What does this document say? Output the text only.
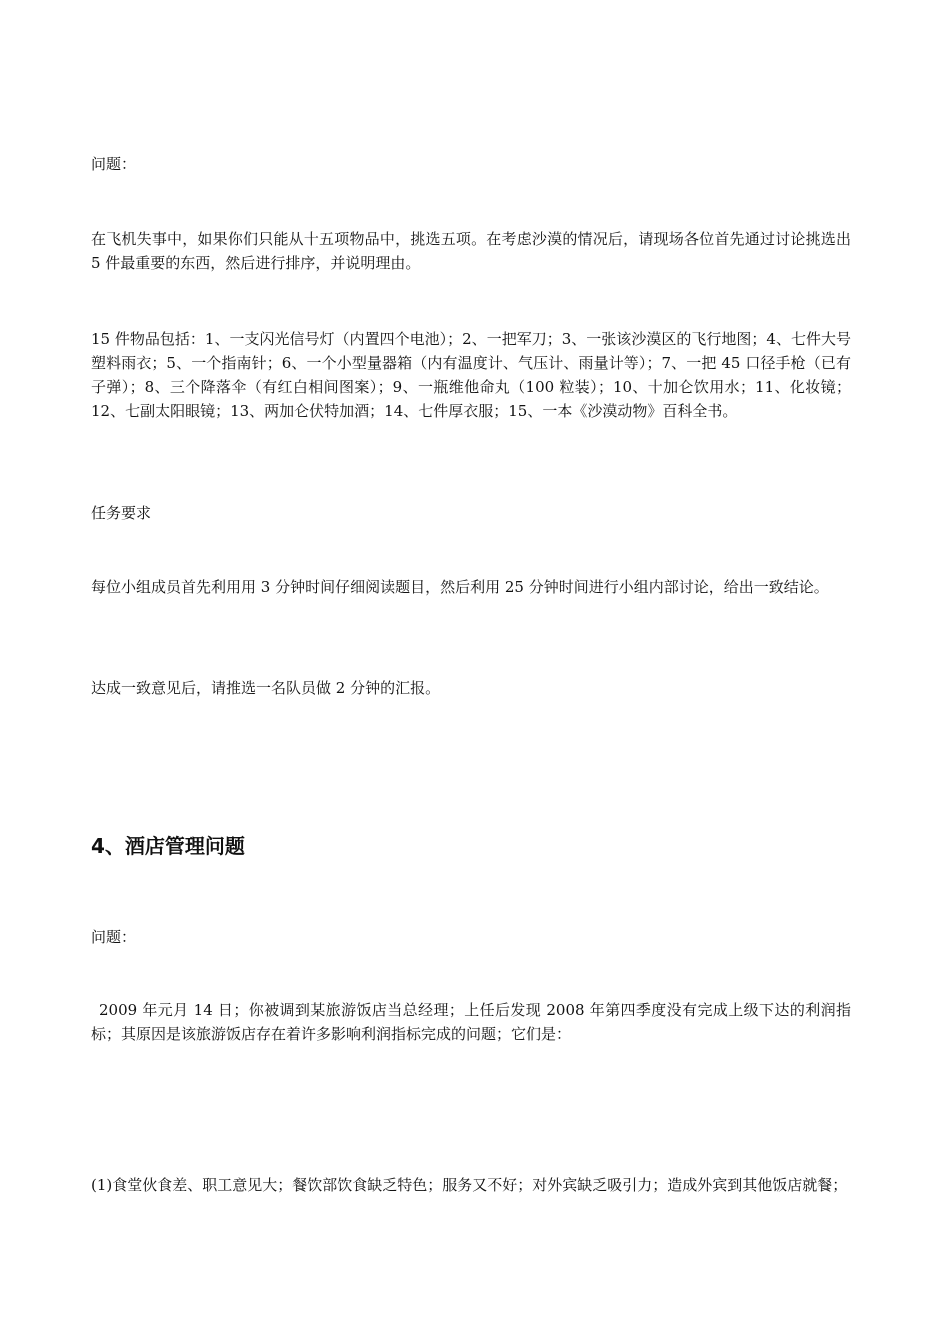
问题：

在飞机失事中，如果你们只能从十五项物品中，挑选五项。在考虑沙漠的情况后，请现场各位首先通过讨论挑选出 5 件最重要的东西，然后进行排序，并说明理由。

15 件物品包括：1、一支闪光信号灯（内置四个电池）；2、一把军刀；3、一张该沙漠区的飞行地图；4、七件大号塑料雨衣；5、一个指南针；6、一个小型量器箱（内有温度计、气压计、雨量计等）；7、一把 45 口径手枪（已有子弹）；8、三个降落伞（有红白相间图案）；9、一瓶维他命丸（100 粒装）；10、十加仑饮用水；11、化妆镜；12、七副太阳眼镜；13、两加仑伏特加酒；14、七件厚衣服；15、一本《沙漠动物》百科全书。

任务要求

每位小组成员首先利用用 3 分钟时间仔细阅读题目，然后利用 25 分钟时间进行小组内部讨论，给出一致结论。

达成一致意见后，请推选一名队员做 2 分钟的汇报。

4、酒店管理问题

问题：

2009 年元月 14 日；你被调到某旅游饭店当总经理；上任后发现 2008 年第四季度没有完成上级下达的利润指标；其原因是该旅游饭店存在着许多影响利润指标完成的问题；它们是：

(1)食堂伙食差、职工意见大；餐饮部饮食缺乏特色；服务又不好；对外宾缺乏吸引力；造成外宾到其他饭店就餐；
